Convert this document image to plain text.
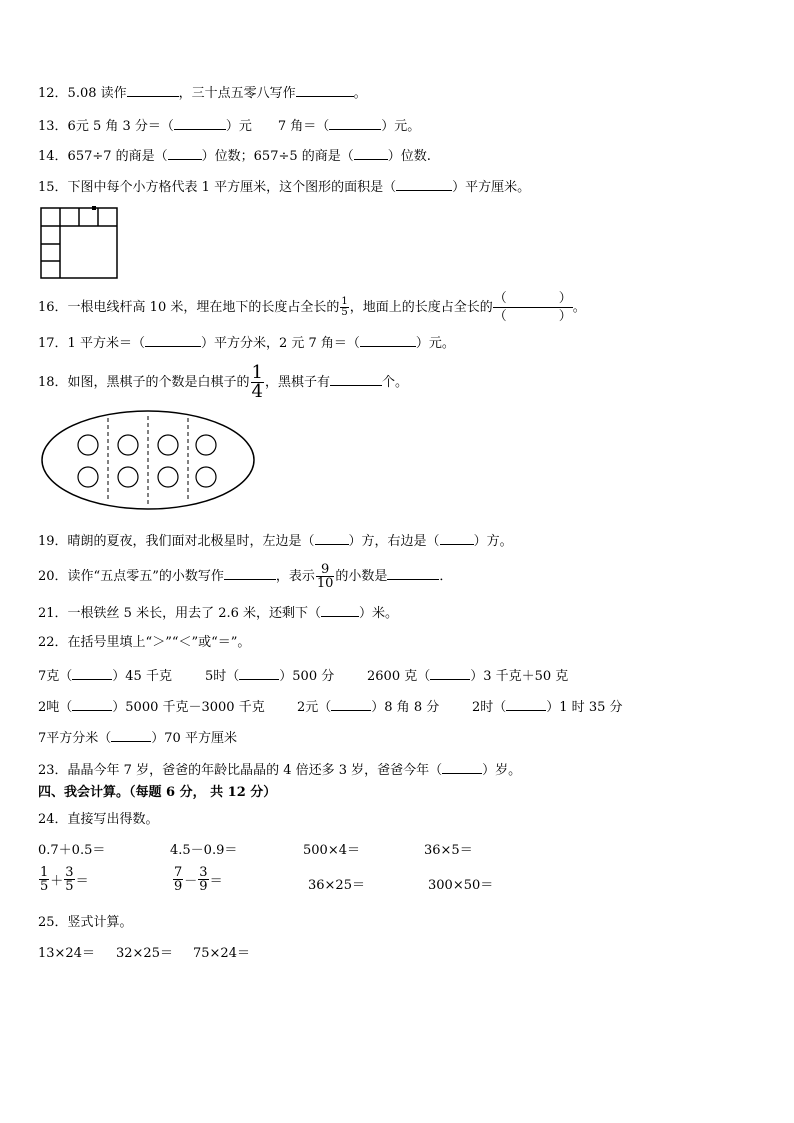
12．5.08 读作	，三十点五零八写作	。
13．6元 5 角 3 分＝（	）元　　7 角＝（	）元。
14．657÷7 的商是（	）位数；657÷5 的商是（	）位数.
15．下图中每个小方格代表 1 平方厘米，这个图形的面积是（	）平方厘米。
16．一根电线杆高 10 米，埋在地下的长度占全长的 $\frac{1}{5}$ ，地面上的长度占全长的 （	）
（	） 。
17．1 平方米＝（	）平方分米，2 元 7 角＝（	）元。
18．如图，黑棋子的个数是白棋子的 $\frac{1}{4}$ ，黑棋子有	个。
19．晴朗的夏夜，我们面对北极星时，左边是（	）方，右边是（	）方。
20．读作“五点零五”的小数写作	，表示 $\frac{9}{10}$ 的小数是	．
21．一根铁丝 5 米长，用去了 2.6 米，还剩下（	）米。
22．在括号里填上“＞”“＜”或“＝”。
7克（	）45 千克	5时（	）500 分	2600 克（	）3 千克＋50 克
2吨（	）5000 千克－3000 千克 2元（	）8 角 8 分	2时（	）1 时 35 分
7平方分米（	）70 平方厘米
23．晶晶今年 7 岁，爸爸的年龄比晶晶的 4 倍还多 3 岁，爸爸今年（	）岁。
四、我会计算。（每题 6 分， 共 12 分）
24．直接写出得数。
0.7＋0.5＝	4.5－0.9＝	500×4＝	36×5＝
$\frac{1}{5} + \frac{3}{5}$ ＝	$\frac{7}{9} - \frac{3}{9}$ ＝	36×25＝	300×50＝
25．竖式计算。
13×24＝ 32×25＝ 75×24＝
